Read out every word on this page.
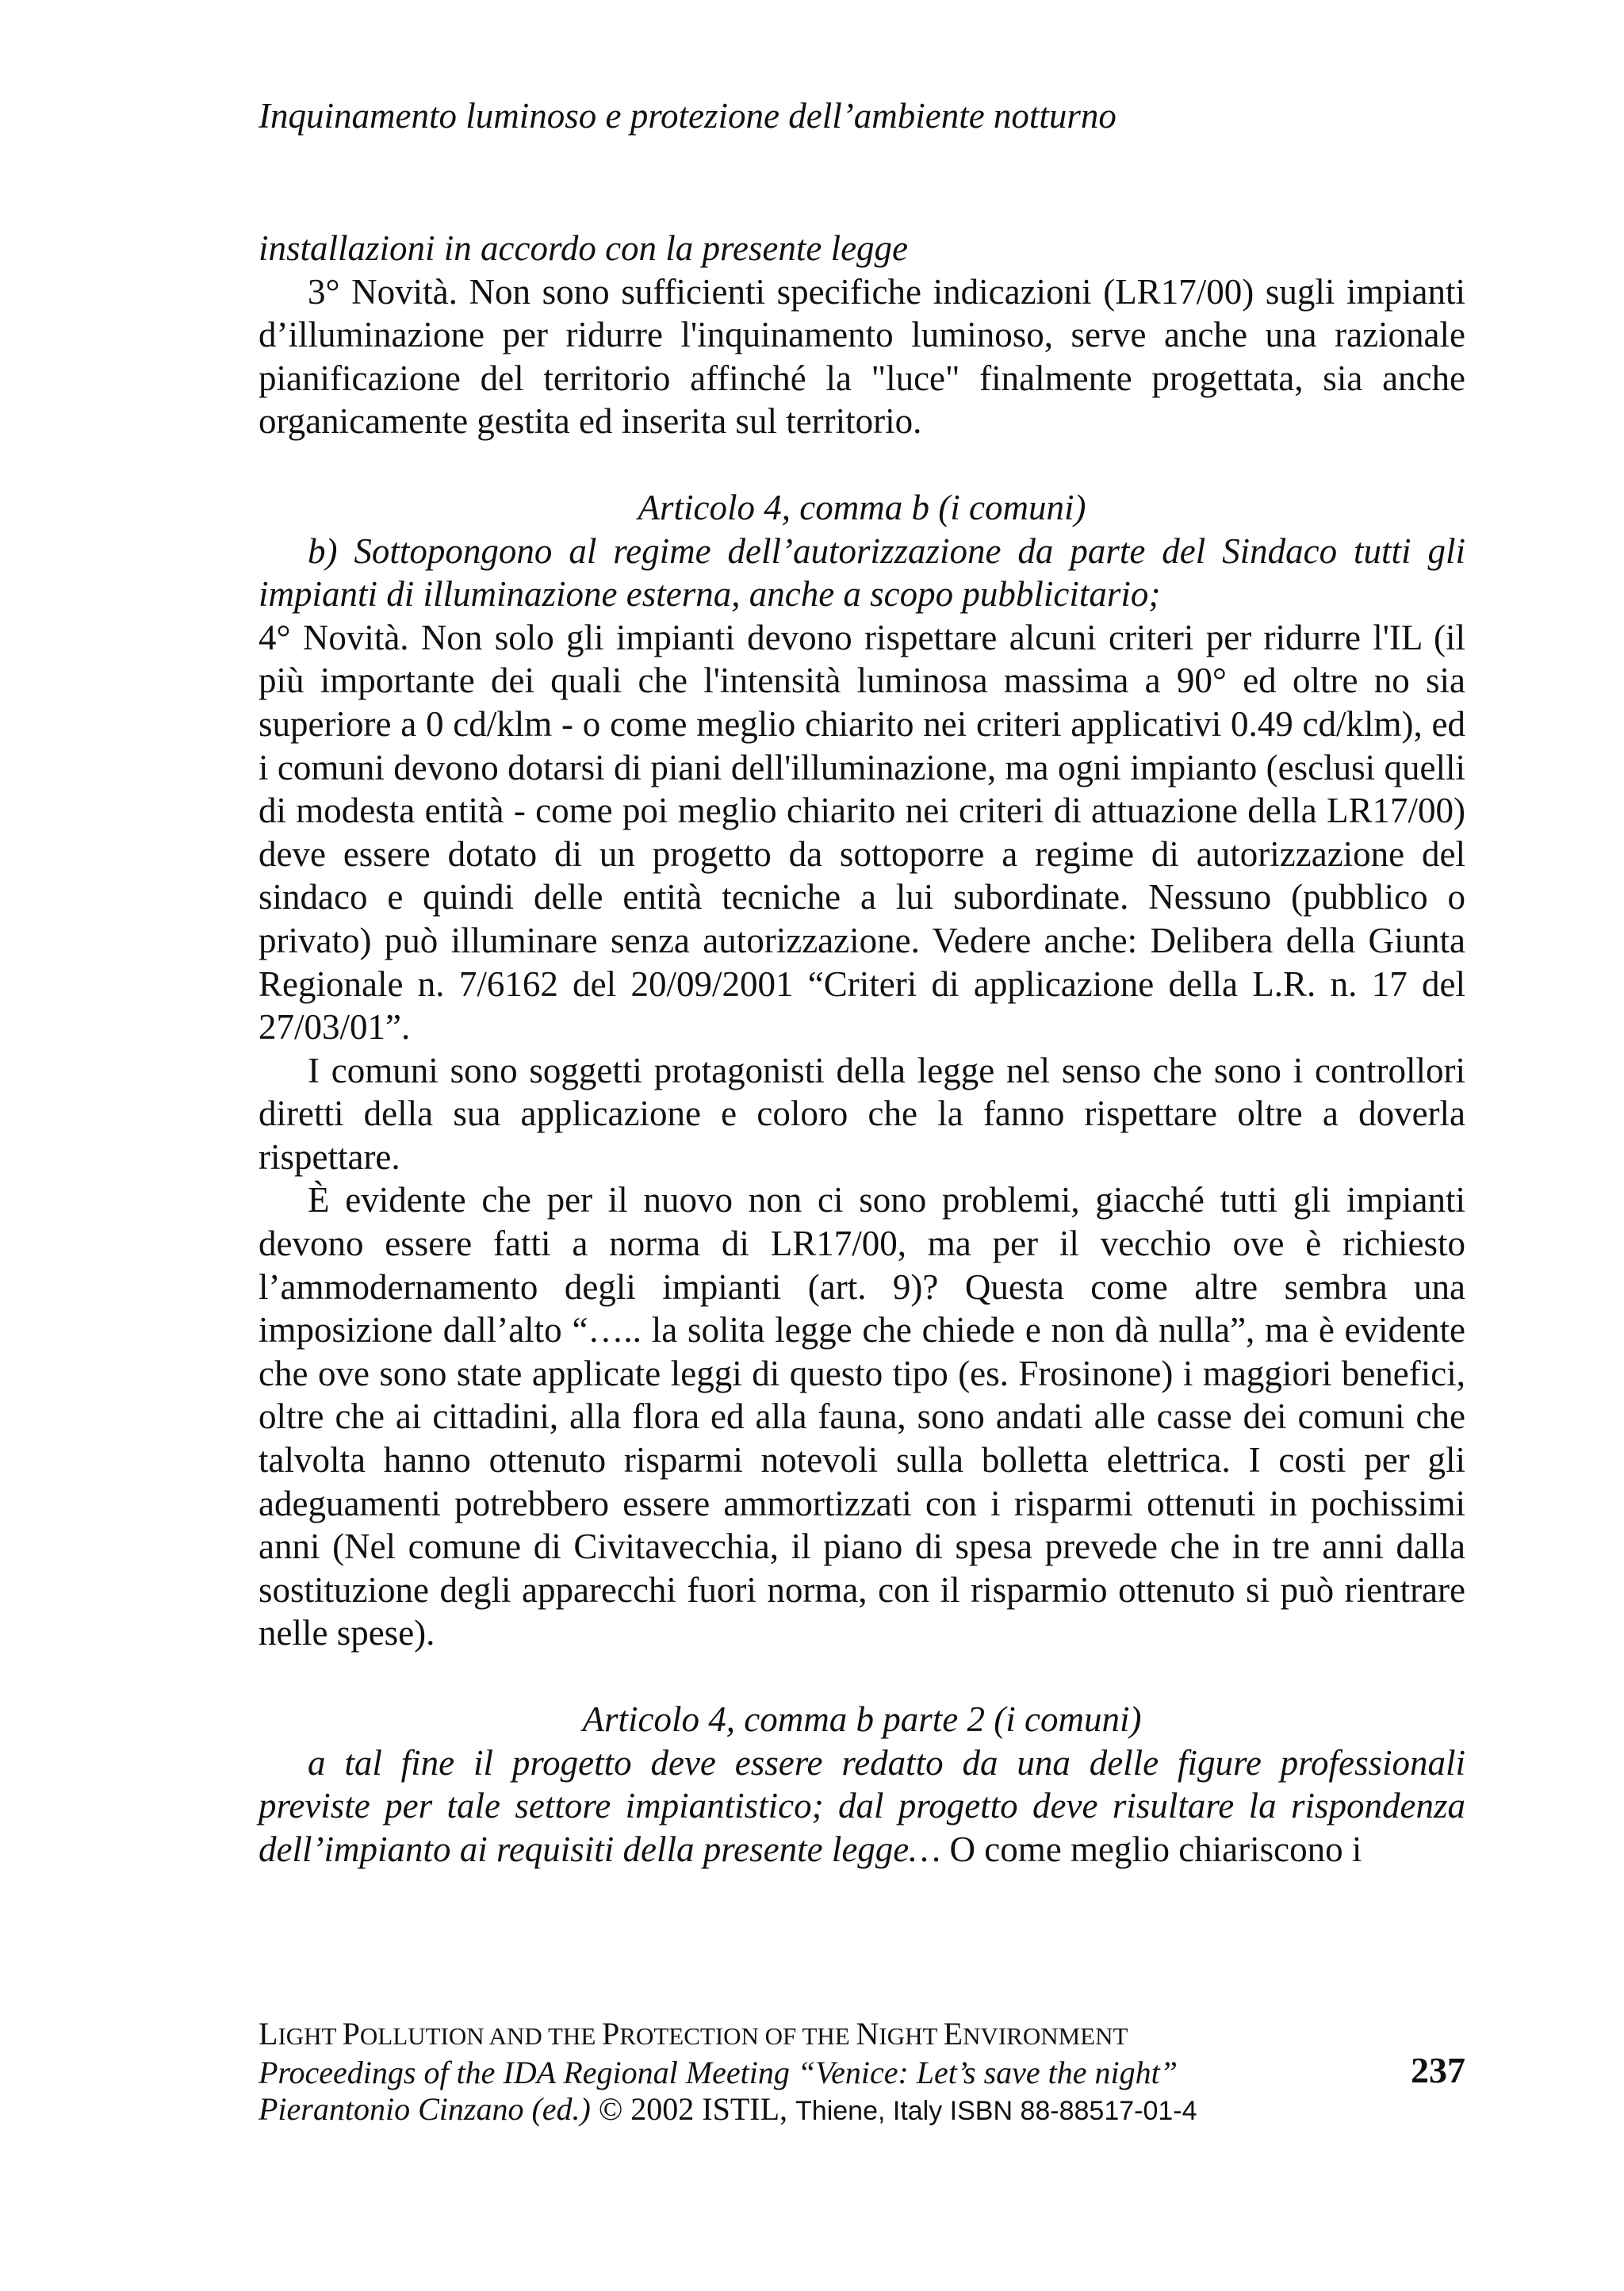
Inquinamento luminoso e protezione dell’ambiente notturno

installazioni in accordo con la presente legge

3° Novità. Non sono sufficienti specifiche indicazioni (LR17/00) sugli impianti d’illuminazione per ridurre l'inquinamento luminoso, serve anche una razionale pianificazione del territorio affinché la "luce" finalmente progettata, sia anche organicamente gestita ed inserita sul territorio.

Articolo 4, comma b (i comuni)

b) Sottopongono al regime dell’autorizzazione da parte del Sindaco tutti gli impianti di illuminazione esterna, anche a scopo pubblicitario;

4° Novità. Non solo gli impianti devono rispettare alcuni criteri per ridurre l'IL (il più importante dei quali che l'intensità luminosa massima a 90° ed oltre no sia superiore a 0 cd/klm - o come meglio chiarito nei criteri applicativi 0.49 cd/klm), ed i comuni devono dotarsi di piani dell'illuminazione, ma ogni impianto (esclusi quelli di modesta entità - come poi meglio chiarito nei criteri di attuazione della LR17/00) deve essere dotato di un progetto da sottoporre a regime di autorizzazione del sindaco e quindi delle entità tecniche a lui subordinate. Nessuno (pubblico o privato) può illuminare senza autorizzazione. Vedere anche: Delibera della Giunta Regionale n. 7/6162 del 20/09/2001 “Criteri di applicazione della L.R. n. 17 del 27/03/01”.

I comuni sono soggetti protagonisti della legge nel senso che sono i controllori diretti della sua applicazione e coloro che la fanno rispettare oltre a doverla rispettare.

È evidente che per il nuovo non ci sono problemi, giacché tutti gli impianti devono essere fatti a norma di LR17/00, ma per il vecchio ove è richiesto l’ammodernamento degli impianti (art. 9)? Questa come altre sembra una imposizione dall’alto “….. la solita legge che chiede e non dà nulla”, ma è evidente che ove sono state applicate leggi di questo tipo (es. Frosinone) i maggiori benefici, oltre che ai cittadini, alla flora ed alla fauna, sono andati alle casse dei comuni che talvolta hanno ottenuto risparmi notevoli sulla bolletta elettrica. I costi per gli adeguamenti potrebbero essere ammortizzati con i risparmi ottenuti in pochissimi anni (Nel comune di Civitavecchia, il piano di spesa prevede che in tre anni dalla sostituzione degli apparecchi fuori norma, con il risparmio ottenuto si può rientrare nelle spese).

Articolo 4, comma b parte 2 (i comuni)

a tal fine il progetto deve essere redatto da una delle figure professionali previste per tale settore impiantistico; dal progetto deve risultare la rispondenza dell’impianto ai requisiti della presente legge… O come meglio chiariscono i

LIGHT POLLUTION AND THE PROTECTION OF THE NIGHT ENVIRONMENT
Proceedings of the IDA Regional Meeting “Venice: Let’s save the night”
Pierantonio Cinzano (ed.) © 2002 ISTIL, Thiene, Italy ISBN 88-88517-01-4
237
